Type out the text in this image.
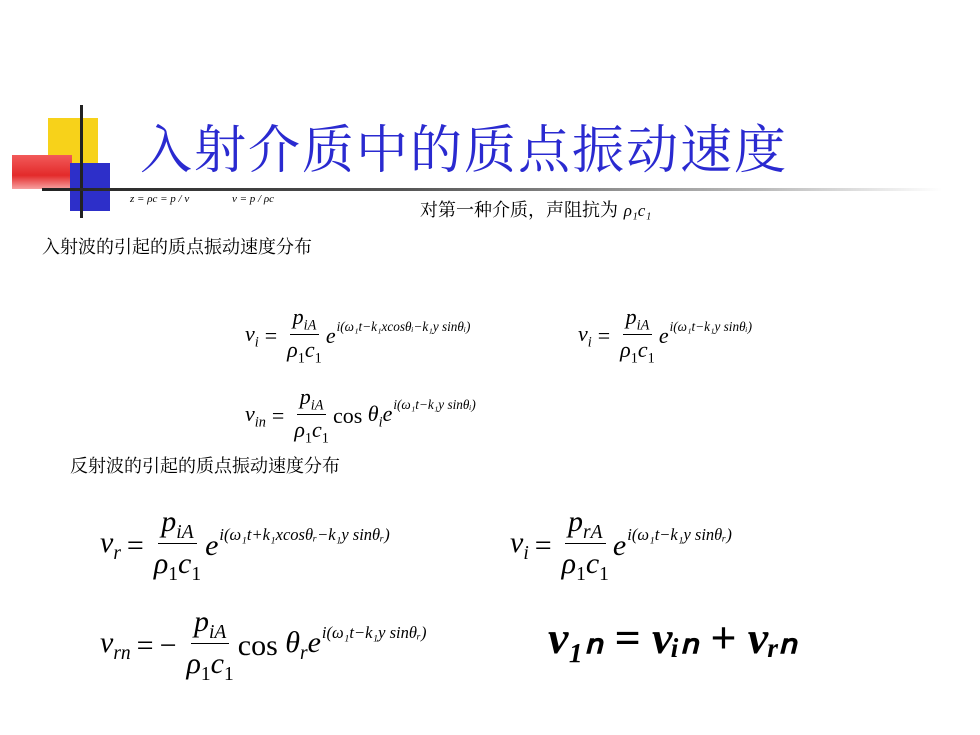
入射介质中的质点振动速度
z = ρc = p / v	v = p / ρc
对第一种介质，声阻抗为 ρ₁c₁
入射波的引起的质点振动速度分布
$v_i = \frac{p_{iA}}{\rho_1c_1} e^{i(\omega_1t-k_1xcos\theta ᵢ-k_1y sin\theta ᵢ)}$	$v_i = \frac{p_{iA}}{\rho_1c_1} e^{i(\omega_1t-k_1y sin\theta ᵢ)}$
$v_{in} = \frac{p_{iA}}{\rho_1c_1}$ cos
$\theta_ie^{i(\omega_1t-k_1y sin\theta ᵢ)}$
反射波的引起的质点振动速度分布
$v_r = \frac{p_{iA}}{\rho_1c_1} e^{i(\omega_1t+k_1xcos\theta ᵣ-k_1y sin\theta ᵣ)}$	$v_i = \frac{p_{rA}}{\rho_1c_1} e^{i(\omega_1t-k_1y sin\theta ᵣ)}$
$v_{rn}$ = − $\frac{p_{iA}}{\rho_1c_1}$ cos
$\theta_re^{i(\omega_1t-k_1y sin\theta ᵣ)}$	v₁ₙ = vᵢₙ + vᵣₙ
